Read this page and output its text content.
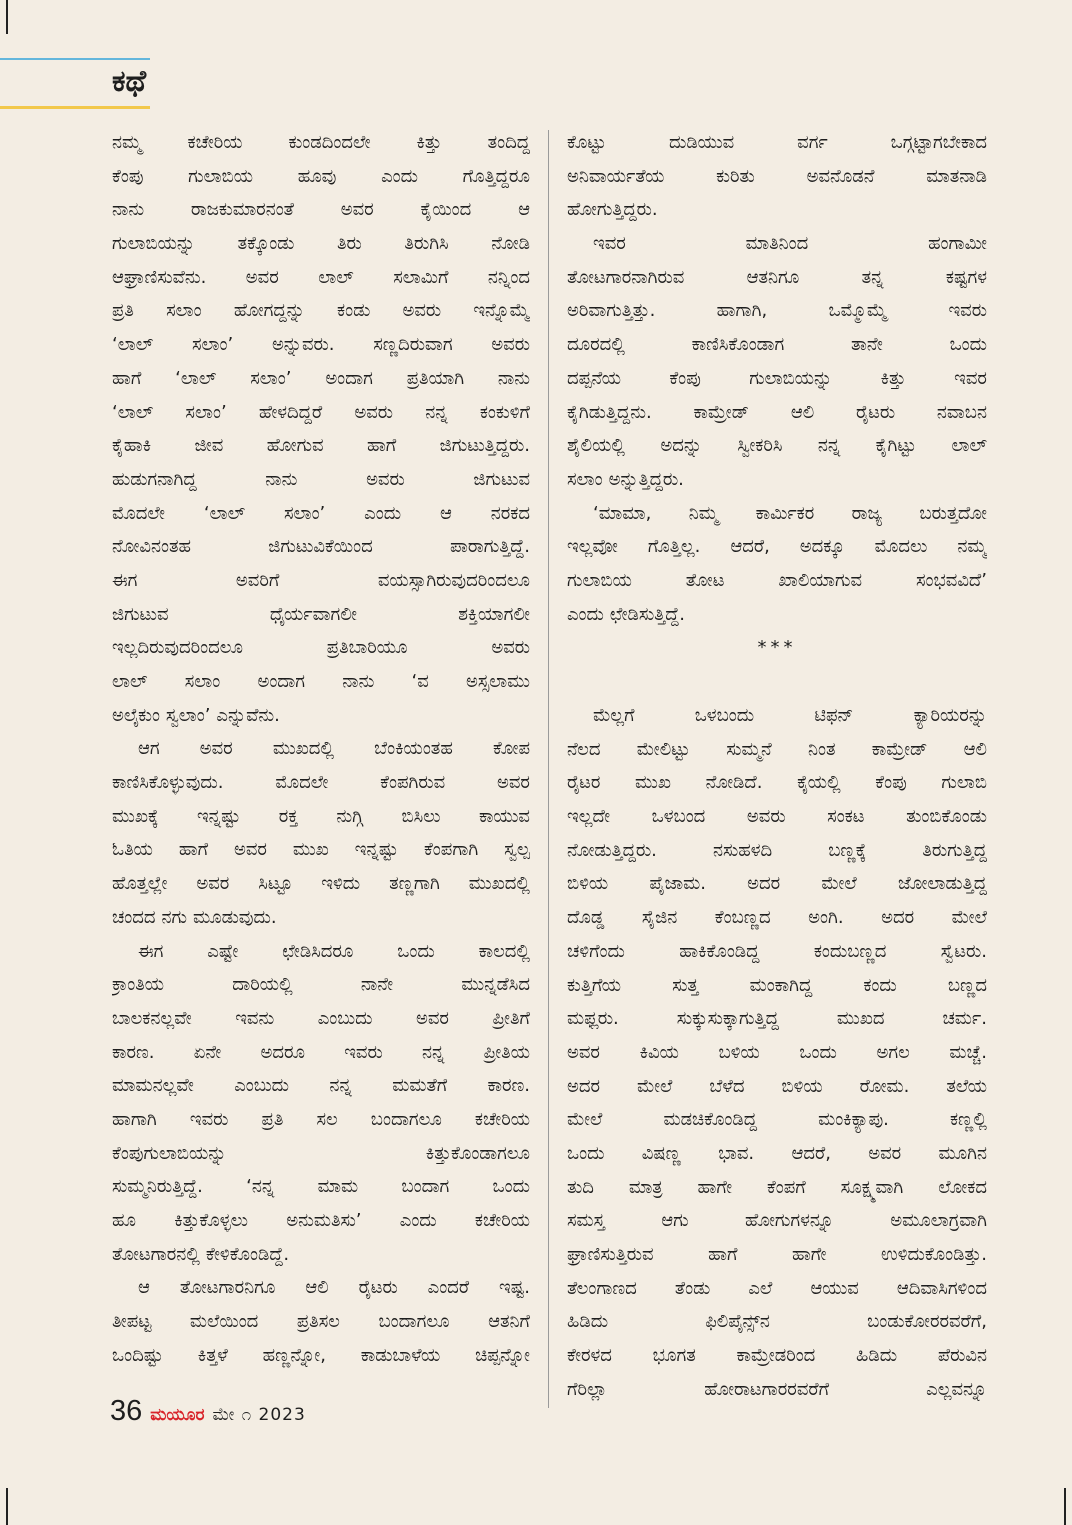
ಕಥೆ
ನಮ್ಮ	ಕಚೇರಿಯ	ಕುಂಡದಿಂದಲೇ	ಕಿತ್ತು	ತಂದಿದ್ದ
ಕೆಂಪು ಗುಲಾಬಿಯ ಹೂವು ಎಂದು ಗೊತ್ತಿದ್ದರೂ
ನಾನು	ರಾಜಕುಮಾರನಂತೆ	ಅವರ	ಕೈಯಿಂದ	ಆ
ಗುಲಾಬಿಯನ್ನು ತಕ್ಕೊಂಡು ತಿರು ತಿರುಗಿಸಿ ನೋಡಿ
ಆಘ್ರಾಣಿಸುವೆನು. ಅವರ ಲಾಲ್ ಸಲಾಮಿಗೆ ನನ್ನಿಂದ
ಪ್ರತಿ ಸಲಾಂ ಹೋಗದ್ದನ್ನು ಕಂಡು ಅವರು ಇನ್ನೊಮ್ಮೆ
‘ಲಾಲ್ ಸಲಾಂ’ ಅನ್ನುವರು. ಸಣ್ಣದಿರುವಾಗ ಅವರು
ಹಾಗೆ ‘ಲಾಲ್ ಸಲಾಂ’ ಅಂದಾಗ ಪ್ರತಿಯಾಗಿ ನಾನು
‘ಲಾಲ್ ಸಲಾಂ’ ಹೇಳದಿದ್ದರೆ ಅವರು ನನ್ನ ಕಂಕುಳಿಗೆ
ಕೈಹಾಕಿ ಜೀವ ಹೋಗುವ ಹಾಗೆ ಜಿಗುಟುತ್ತಿದ್ದರು.
ಹುಡುಗನಾಗಿದ್ದ	ನಾನು	ಅವರು	ಜಿಗುಟುವ
ಮೊದಲೇ ‘ಲಾಲ್ ಸಲಾಂ’ ಎಂದು ಆ ನರಕದ
ನೋವಿನಂತಹ	ಜಿಗುಟುವಿಕೆಯಿಂದ	ಪಾರಾಗುತ್ತಿದ್ದೆ.
ಈಗ	ಅವರಿಗೆ	ವಯಸ್ಸಾಗಿರುವುದರಿಂದಲೂ
ಜಿಗುಟುವ	ಧೈರ್ಯವಾಗಲೀ	ಶಕ್ತಿಯಾಗಲೀ
ಇಲ್ಲದಿರುವುದರಿಂದಲೂ	ಪ್ರತಿಬಾರಿಯೂ	ಅವರು
ಲಾಲ್ ಸಲಾಂ ಅಂದಾಗ ನಾನು ‘ವ ಅಸ್ಸಲಾಮು
ಅಲೈಕುಂ ಸ್ವಲಾಂ’ ಎನ್ನುವೆನು.
ಆಗ ಅವರ ಮುಖದಲ್ಲಿ ಬೆಂಕಿಯಂತಹ ಕೋಪ
ಕಾಣಿಸಿಕೊಳ್ಳುವುದು.	ಮೊದಲೇ	ಕೆಂಪಗಿರುವ	ಅವರ
ಮುಖಕ್ಕೆ ಇನ್ನಷ್ಟು ರಕ್ತ ನುಗ್ಗಿ ಬಿಸಿಲು ಕಾಯುವ
ಓತಿಯ ಹಾಗೆ ಅವರ ಮುಖ ಇನ್ನಷ್ಟು ಕೆಂಪಗಾಗಿ ಸ್ವಲ್ಪ
ಹೊತ್ತಲ್ಲೇ ಅವರ ಸಿಟ್ಟೂ ಇಳಿದು ತಣ್ಣಗಾಗಿ ಮುಖದಲ್ಲಿ
ಚಂದದ ನಗು ಮೂಡುವುದು.
ಈಗ ಎಷ್ಟೇ ಛೇಡಿಸಿದರೂ ಒಂದು ಕಾಲದಲ್ಲಿ
ಕ್ರಾಂತಿಯ	ದಾರಿಯಲ್ಲಿ	ನಾನೇ	ಮುನ್ನಡೆಸಿದ
ಬಾಲಕನಲ್ಲವೇ ಇವನು ಎಂಬುದು ಅವರ ಪ್ರೀತಿಗೆ
ಕಾರಣ. ಏನೇ ಅದರೂ ಇವರು ನನ್ನ ಪ್ರೀತಿಯ
ಮಾಮನಲ್ಲವೇ ಎಂಬುದು ನನ್ನ ಮಮತೆಗೆ ಕಾರಣ.
ಹಾಗಾಗಿ ಇವರು ಪ್ರತಿ ಸಲ ಬಂದಾಗಲೂ ಕಚೇರಿಯ
ಕೆಂಪುಗುಲಾಬಿಯನ್ನು	ಕಿತ್ತುಕೊಂಡಾಗಲೂ
ಸುಮ್ಮನಿರುತ್ತಿದ್ದೆ. ‘ನನ್ನ ಮಾಮ ಬಂದಾಗ ಒಂದು
ಹೂ ಕಿತ್ತುಕೊಳ್ಳಲು ಅನುಮತಿಸು’ ಎಂದು ಕಚೇರಿಯ
ತೋಟಗಾರನಲ್ಲಿ ಕೇಳಿಕೊಂಡಿದ್ದೆ.
ಆ ತೋಟಗಾರನಿಗೂ ಆಲಿ ರೈಟರು ಎಂದರೆ ಇಷ್ಟ.
ತೀಪಟ್ಟ ಮಲೆಯಿಂದ ಪ್ರತಿಸಲ ಬಂದಾಗಲೂ ಆತನಿಗೆ
ಒಂದಿಷ್ಟು ಕಿತ್ತಳೆ ಹಣ್ಣನ್ನೋ, ಕಾಡುಬಾಳೆಯ ಚಿಪ್ಪನ್ನೋ
ಕೊಟ್ಟು	ದುಡಿಯುವ	ವರ್ಗ	ಒಗ್ಗಟ್ಟಾಗಬೇಕಾದ
ಅನಿವಾರ್ಯತೆಯ	ಕುರಿತು	ಅವನೊಡನೆ	ಮಾತನಾಡಿ
ಹೋಗುತ್ತಿದ್ದರು.
ಇವರ	ಮಾತಿನಿಂದ	ಹಂಗಾಮೀ
ತೋಟಗಾರನಾಗಿರುವ	ಆತನಿಗೂ	ತನ್ನ	ಕಷ್ಟಗಳ
ಅರಿವಾಗುತ್ತಿತ್ತು.	ಹಾಗಾಗಿ,	ಒಮ್ಮೊಮ್ಮೆ	ಇವರು
ದೂರದಲ್ಲಿ	ಕಾಣಿಸಿಕೊಂಡಾಗ	ತಾನೇ	ಒಂದು
ದಪ್ಪನೆಯ	ಕೆಂಪು	ಗುಲಾಬಿಯನ್ನು	ಕಿತ್ತು	ಇವರ
ಕೈಗಿಡುತ್ತಿದ್ದನು. ಕಾಮ್ರೇಡ್ ಆಲಿ ರೈಟರು ನವಾಬನ
ಶೈಲಿಯಲ್ಲಿ ಅದನ್ನು ಸ್ವೀಕರಿಸಿ ನನ್ನ ಕೈಗಿಟ್ಟು ಲಾಲ್
ಸಲಾಂ ಅನ್ನುತ್ತಿದ್ದರು.
‘ಮಾಮಾ, ನಿಮ್ಮ ಕಾರ್ಮಿಕರ ರಾಜ್ಯ ಬರುತ್ತದೋ
ಇಲ್ಲವೋ ಗೊತ್ತಿಲ್ಲ. ಆದರೆ, ಅದಕ್ಕೂ ಮೊದಲು ನಮ್ಮ
ಗುಲಾಬಿಯ	ತೋಟ	ಖಾಲಿಯಾಗುವ	ಸಂಭವವಿದೆ’
ಎಂದು ಛೇಡಿಸುತ್ತಿದ್ದೆ.
***
ಮೆಲ್ಲಗೆ	ಒಳಬಂದು	ಟಿಫನ್	ಕ್ಯಾರಿಯರನ್ನು
ನೆಲದ ಮೇಲಿಟ್ಟು ಸುಮ್ಮನೆ ನಿಂತ ಕಾಮ್ರೇಡ್ ಆಲಿ
ರೈಟರ ಮುಖ ನೋಡಿದೆ. ಕೈಯಲ್ಲಿ ಕೆಂಪು ಗುಲಾಬಿ
ಇಲ್ಲದೇ ಒಳಬಂದ ಅವರು ಸಂಕಟ ತುಂಬಿಕೊಂಡು
ನೋಡುತ್ತಿದ್ದರು.	ನಸುಹಳದಿ	ಬಣ್ಣಕ್ಕೆ	ತಿರುಗುತ್ತಿದ್ದ
ಬಿಳಿಯ ಪೈಜಾಮ. ಅದರ ಮೇಲೆ ಜೋಲಾಡುತ್ತಿದ್ದ
ದೊಡ್ಡ ಸೈಜಿನ ಕೆಂಬಣ್ಣದ ಅಂಗಿ. ಅದರ ಮೇಲೆ
ಚಳಿಗೆಂದು	ಹಾಕಿಕೊಂಡಿದ್ದ	ಕಂದುಬಣ್ಣದ	ಸ್ವೆಟರು.
ಕುತ್ತಿಗೆಯ	ಸುತ್ತ	ಮಂಕಾಗಿದ್ದ	ಕಂದು	ಬಣ್ಣದ
ಮಫ್ಲರು.	ಸುಕ್ಕುಸುಕ್ಕಾಗುತ್ತಿದ್ದ	ಮುಖದ	ಚರ್ಮ.
ಅವರ ಕಿವಿಯ ಬಳಿಯ ಒಂದು ಅಗಲ ಮಚ್ಚೆ.
ಅದರ ಮೇಲೆ ಬೆಳೆದ ಬಿಳಿಯ ರೋಮ. ತಲೆಯ
ಮೇಲೆ	ಮಡಚಿಕೊಂಡಿದ್ದ	ಮಂಕಿಕ್ಯಾಪು.	ಕಣ್ಣಲ್ಲಿ
ಒಂದು ವಿಷಣ್ಣ ಭಾವ. ಆದರೆ, ಅವರ ಮೂಗಿನ
ತುದಿ ಮಾತ್ರ ಹಾಗೇ ಕೆಂಪಗೆ ಸೂಕ್ಷ್ಮವಾಗಿ ಲೋಕದ
ಸಮಸ್ತ	ಆಗು	ಹೋಗುಗಳನ್ನೂ	ಅಮೂಲಾಗ್ರವಾಗಿ
ಘ್ರಾಣಿಸುತ್ತಿರುವ	ಹಾಗೆ	ಹಾಗೇ	ಉಳಿದುಕೊಂಡಿತ್ತು.
ತೆಲಂಗಾಣದ ತೆಂಡು ಎಲೆ ಆಯುವ ಆದಿವಾಸಿಗಳಿಂದ
ಹಿಡಿದು	ಫಿಲಿಪೈನ್ಸ್‌ನ	ಬಂಡುಕೋರರವರೆಗೆ,
ಕೇರಳದ ಭೂಗತ ಕಾಮ್ರೇಡರಿಂದ ಹಿಡಿದು ಪೆರುವಿನ
ಗೆರಿಲ್ಲಾ	ಹೋರಾಟಗಾರರವರೆಗೆ	ಎಲ್ಲವನ್ನೂ
36 ಮಯೂರ ಮೇ ೧ 2023
